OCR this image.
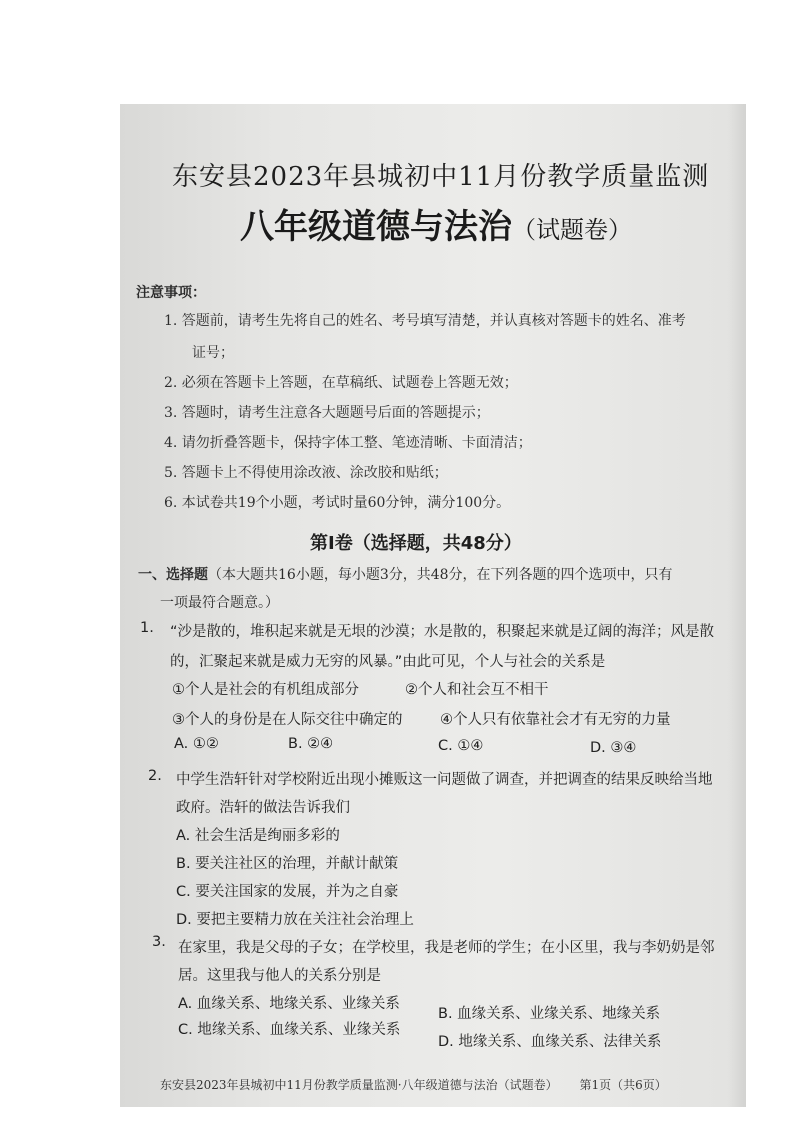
东安县2023年县城初中11月份教学质量监测
八年级道德与法治（试题卷）
注意事项：
1. 答题前，请考生先将自己的姓名、考号填写清楚，并认真核对答题卡的姓名、准考
证号；
2. 必须在答题卡上答题，在草稿纸、试题卷上答题无效；
3. 答题时，请考生注意各大题题号后面的答题提示；
4. 请勿折叠答题卡，保持字体工整、笔迹清晰、卡面清洁；
5. 答题卡上不得使用涂改液、涂改胶和贴纸；
6. 本试卷共19个小题，考试时量60分钟，满分100分。
第Ⅰ卷（选择题，共48分）
一、选择题（本大题共16小题，每小题3分，共48分，在下列各题的四个选项中，只有
一项最符合题意。）
1. “沙是散的，堆积起来就是无垠的沙漠；水是散的，积聚起来就是辽阔的海洋；风是散
的，汇聚起来就是威力无穷的风暴。”由此可见，个人与社会的关系是
①个人是社会的有机组成部分	②个人和社会互不相干
③个人的身份是在人际交往中确定的	④个人只有依靠社会才有无穷的力量
A. ①②	B. ②④	C. ①④	D. ③④
2. 中学生浩轩针对学校附近出现小摊贩这一问题做了调查，并把调查的结果反映给当地
政府。浩轩的做法告诉我们
A. 社会生活是绚丽多彩的
B. 要关注社区的治理，并献计献策
C. 要关注国家的发展，并为之自豪
D. 要把主要精力放在关注社会治理上
3. 在家里，我是父母的子女；在学校里，我是老师的学生；在小区里，我与李奶奶是邻
居。这里我与他人的关系分别是
A. 血缘关系、地缘关系、业缘关系
B. 血缘关系、业缘关系、地缘关系
C. 地缘关系、血缘关系、业缘关系
D. 地缘关系、血缘关系、法律关系
东安县2023年县城初中11月份教学质量监测·八年级道德与法治（试题卷） 第1页（共6页）
